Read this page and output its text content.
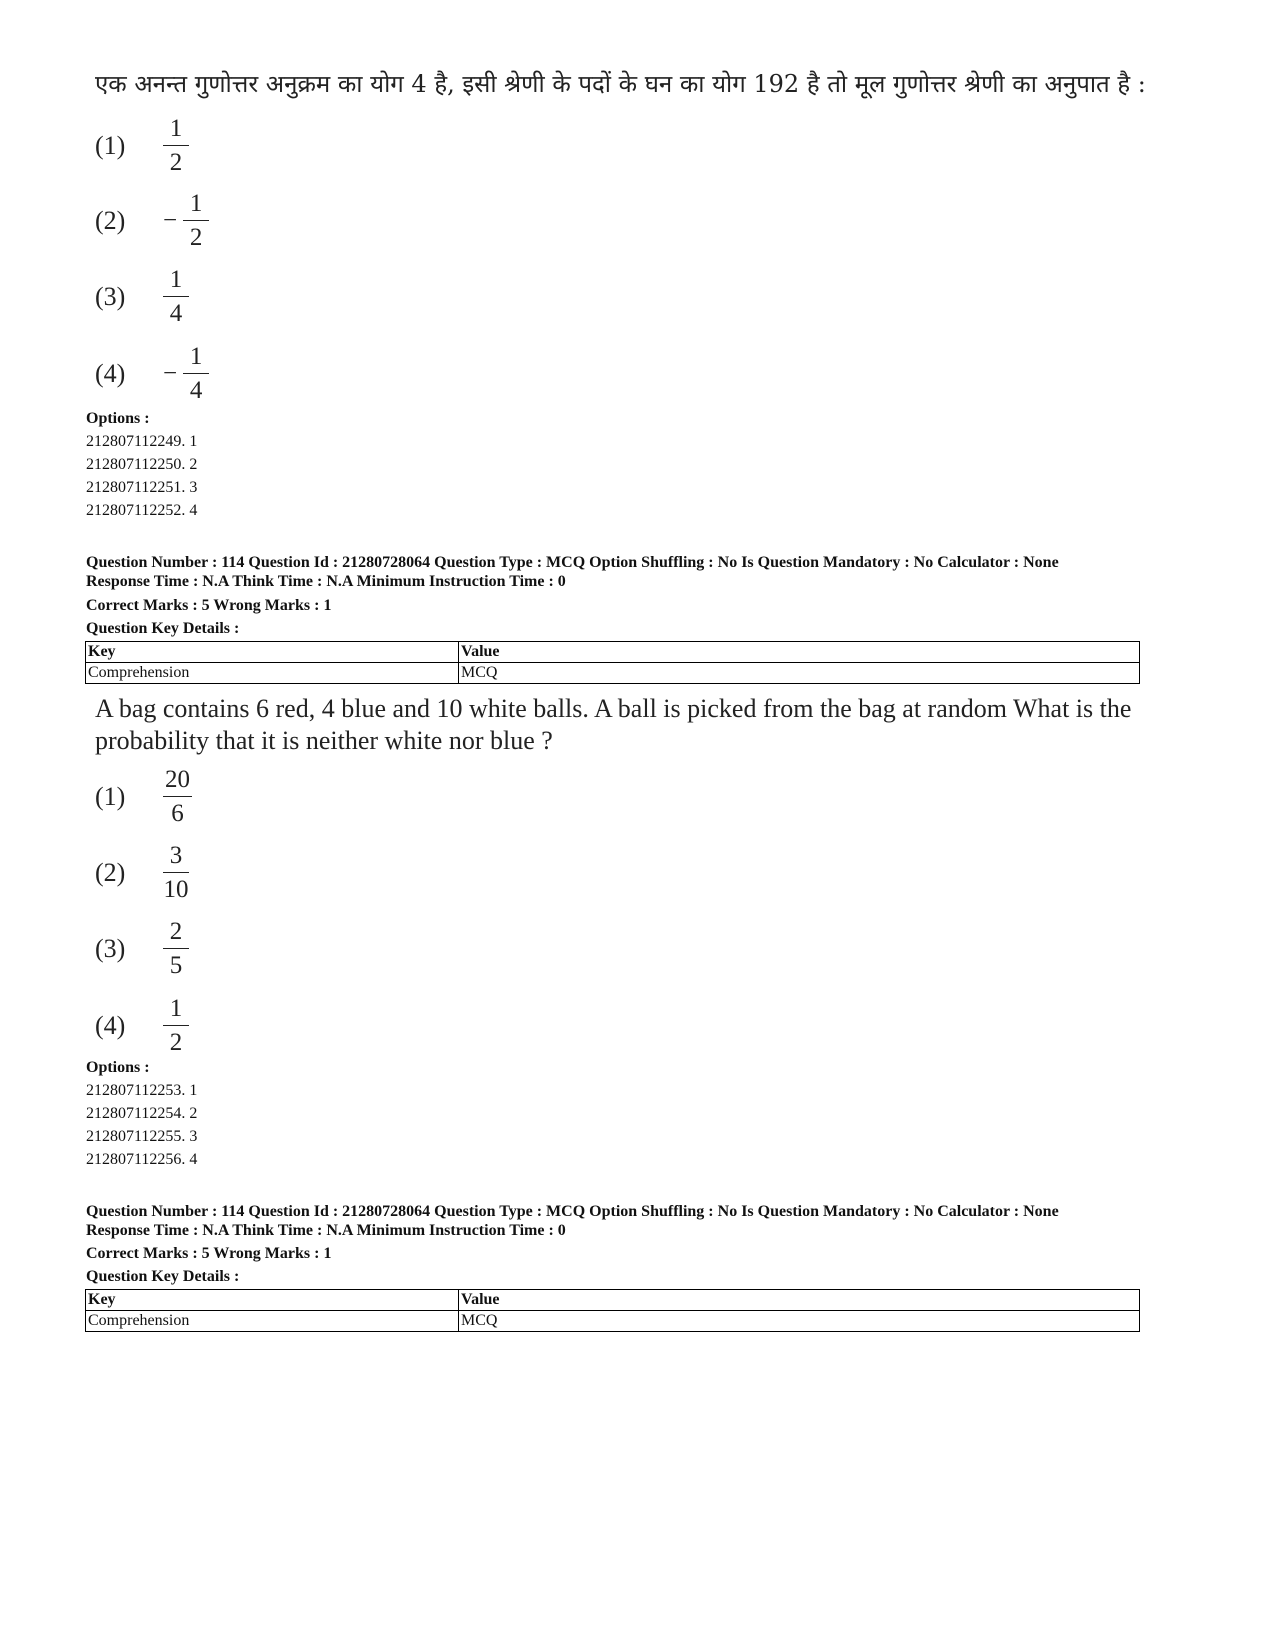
एक अनन्त गुणोत्तर अनुक्रम का योग 4 है, इसी श्रेणी के पदों के घन का योग 192 है तो मूल गुणोत्तर श्रेणी का अनुपात है :
(1)	$\frac{1}{2}$
(2)	− $\frac{1}{2}$
(3)	$\frac{1}{4}$
(4)	− $\frac{1}{4}$
Options :
212807112249. 1
212807112250. 2
212807112251. 3
212807112252. 4
Question Number : 114 Question Id : 21280728064 Question Type : MCQ Option Shuffling : No Is Question Mandatory : No Calculator : None
Response Time : N.A Think Time : N.A Minimum Instruction Time : 0
Correct Marks : 5 Wrong Marks : 1
Question Key Details :
Key	Value
Comprehension	MCQ
A bag contains 6 red, 4 blue and 10 white balls. A ball is picked from the bag at random What is the probability that it is neither white nor blue ?
(1)	$\frac{20}{6}$
(2)	$\frac{3}{10}$
(3)	$\frac{2}{5}$
(4)	$\frac{1}{2}$
Options :
212807112253. 1
212807112254. 2
212807112255. 3
212807112256. 4
Question Number : 114 Question Id : 21280728064 Question Type : MCQ Option Shuffling : No Is Question Mandatory : No Calculator : None
Response Time : N.A Think Time : N.A Minimum Instruction Time : 0
Correct Marks : 5 Wrong Marks : 1
Question Key Details :
Key	Value
Comprehension	MCQ
